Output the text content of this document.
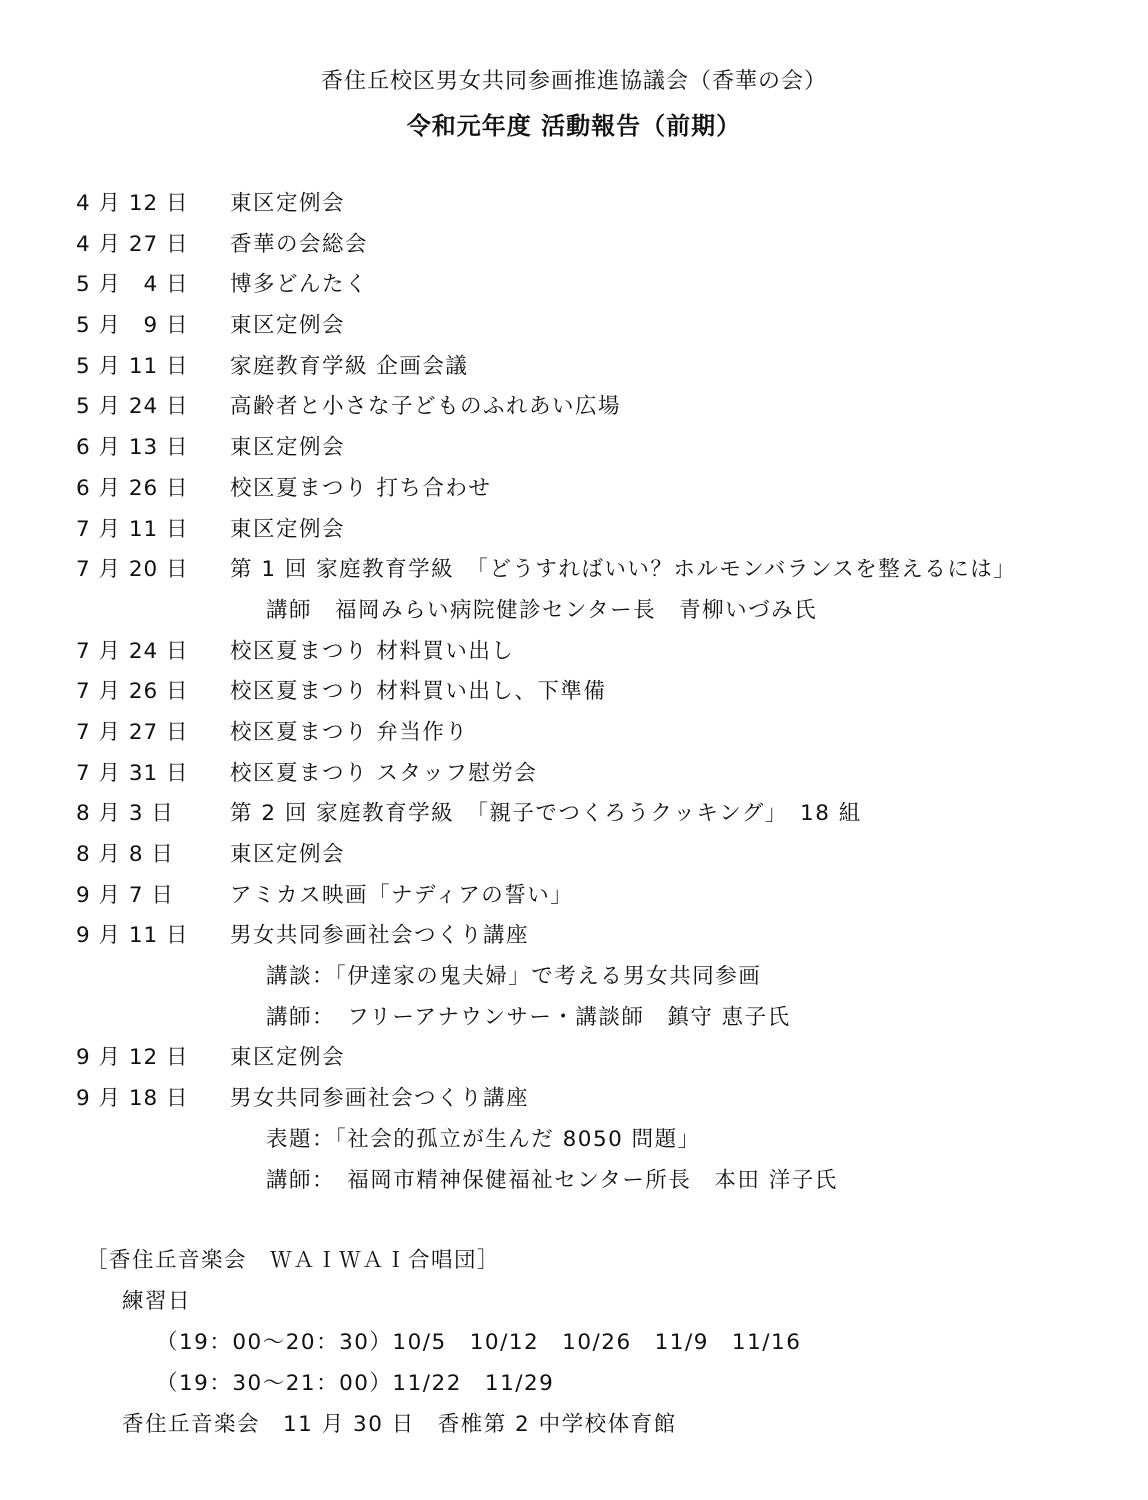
香住丘校区男女共同参画推進協議会（香華の会）
令和元年度 活動報告（前期）
4 月 12 日 東区定例会
4 月 27 日 香華の会総会
5 月　4 日 博多どんたく
5 月　9 日 東区定例会
5 月 11 日 家庭教育学級 企画会議
5 月 24 日 高齢者と小さな子どものふれあい広場
6 月 13 日 東区定例会
6 月 26 日 校区夏まつり 打ち合わせ
7 月 11 日 東区定例会
7 月 20 日 第 1 回 家庭教育学級　「どうすればいい？ホルモンバランスを整えるには」
講師　福岡みらい病院健診センター長　青柳いづみ氏
7 月 24 日 校区夏まつり 材料買い出し
7 月 26 日 校区夏まつり 材料買い出し、下準備
7 月 27 日 校区夏まつり 弁当作り
7 月 31 日 校区夏まつり スタッフ慰労会
8 月 3 日	第 2 回 家庭教育学級　「親子でつくろうクッキング」　18 組
8 月 8 日	東区定例会
9 月 7 日	アミカス映画「ナディアの誓い」
9 月 11 日 男女共同参画社会つくり講座
講談：「伊達家の鬼夫婦」で考える男女共同参画
講師：　フリーアナウンサー・講談師　鎮守 恵子氏
9 月 12 日 東区定例会
9 月 18 日 男女共同参画社会つくり講座
表題：「社会的孤立が生んだ 8050 問題」
講師：　福岡市精神保健福祉センター所長　本田 洋子氏
［香住丘音楽会　ＷＡＩＷＡＩ合唱団］
練習日
（19：00〜20：30）10/5　10/12　10/26　11/9　11/16
（19：30〜21：00）11/22　11/29
香住丘音楽会　11 月 30 日　香椎第 2 中学校体育館
